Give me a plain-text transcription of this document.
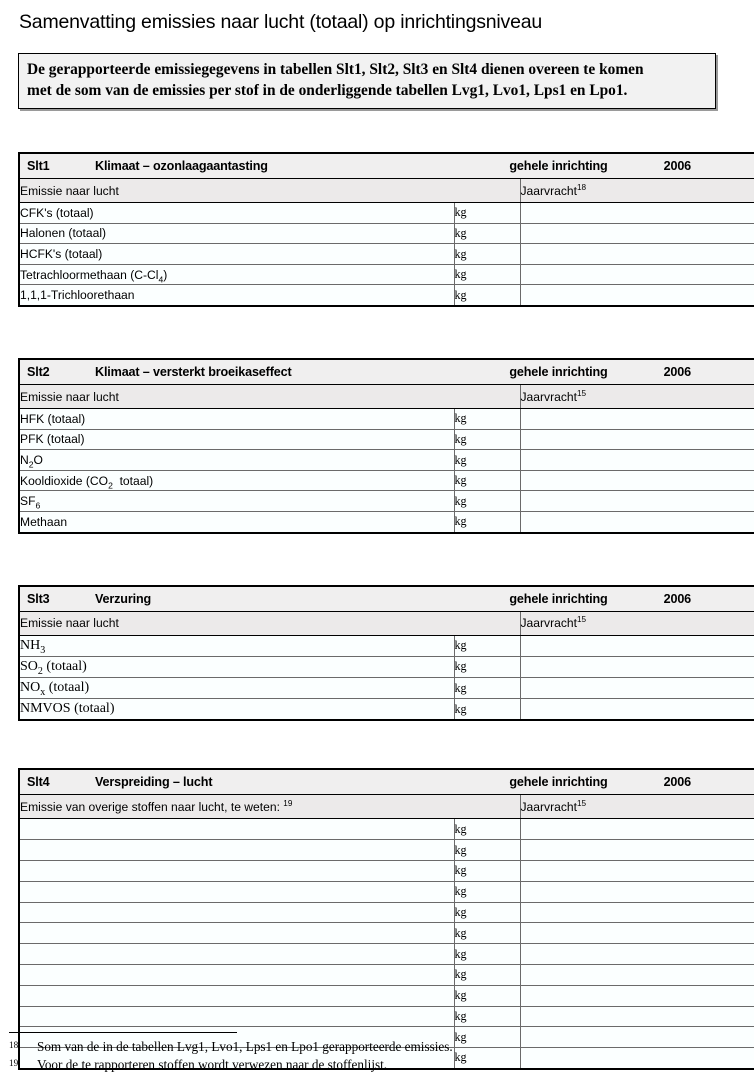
Samenvatting emissies naar lucht (totaal) op inrichtingsniveau
De gerapporteerde emissiegegevens in tabellen Slt1, Slt2, Slt3 en Slt4 dienen overeen te komen
met de som van de emissies per stof in de onderliggende tabellen Lvg1, Lvo1, Lps1 en Lpo1.
Slt1 Klimaat – ozonlaagaantasting gehele inrichting 2006		

Emissie naar lucht		Jaarvracht$^{18}$
CFK's (totaal)	kg	
Halonen (totaal)	kg	
HCFK's (totaal)	kg	
Tetrachloormethaan $(C-Cl_4)$	kg	
1,1,1-Trichloorethaan	kg	
Slt2 Klimaat – versterkt broeikaseffect gehele inrichting 2006		

Emissie naar lucht		Jaarvracht$^{15}$
HFK (totaal)	kg	
PFK (totaal)	kg	
$N_2O$	kg	
Kooldioxide ($CO_2$  totaal)	kg	
$SF_6$	kg	
Methaan	kg	
Slt3 Verzuring gehele inrichting 2006		

Emissie naar lucht		Jaarvracht$^{15}$
$NH_3$	kg	
$SO_2$ (totaal)	kg	
$NO_x$ (totaal)	kg	
NMVOS (totaal)	kg	
Slt4 Verspreiding – lucht gehele inrichting 2006		

Emissie van overige stoffen naar lucht, te weten: $^{19}$		Jaarvracht$^{15}$
	kg	
	kg	
	kg	
	kg	
	kg	
	kg	
	kg	
	kg	
	kg	
	kg	
	kg	
	kg	
18	Som van de in de tabellen Lvg1, Lvo1, Lps1 en Lpo1 gerapporteerde emissies.
19	Voor de te rapporteren stoffen wordt verwezen naar de stoffenlijst.
